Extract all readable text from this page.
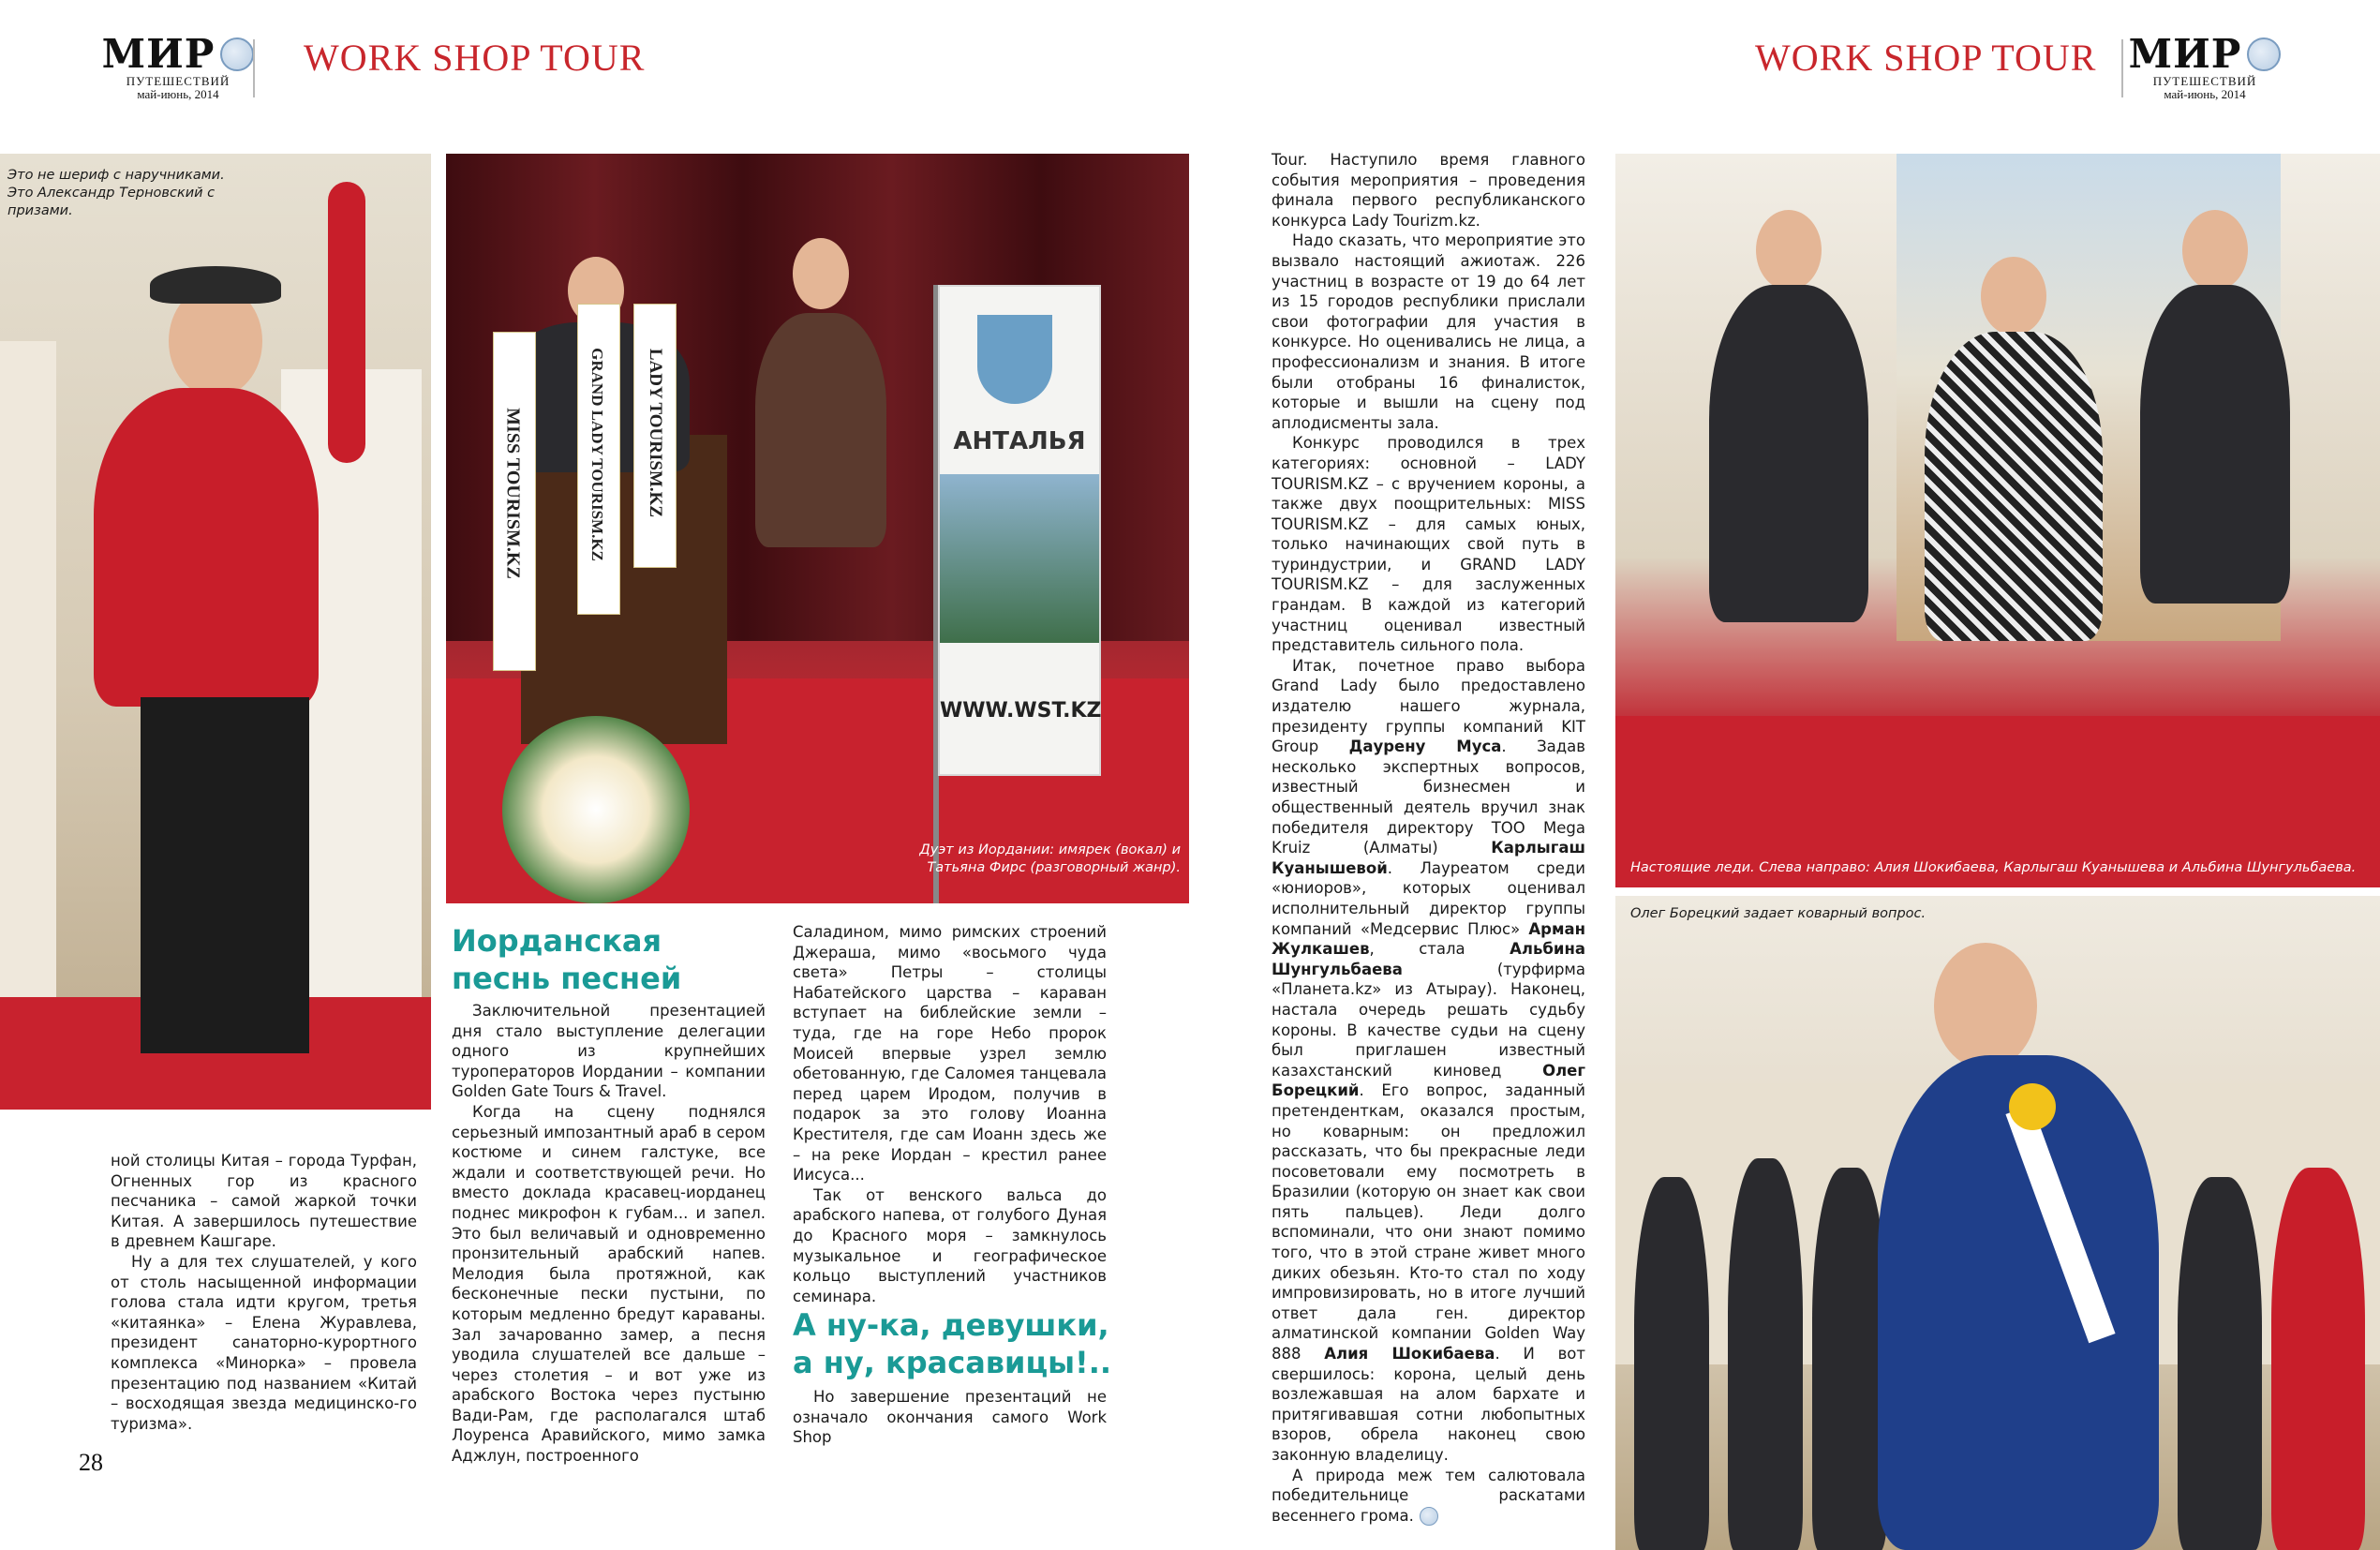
МИР
ПУТЕШЕСТВИЙ
май-июнь, 2014
WORK SHOP TOUR	WORK SHOP TOUR МИР
ПУТЕШЕСТВИЙ
май-июнь, 2014
Это не шериф с наручниками. Это Александр Терновский с призами.
АНТАЛЬЯ
WWW.WST.KZ
MISS TOURISM.KZ	GRAND LADY TOURISM.KZ LADY TOURISM.KZ
Дуэт из Иордании: имярек (вокал) и
Татьяна Фирс (разговорный жанр).	Настоящие леди. Слева направо: Алия Шокибаева, Карлыгаш Куанышева и Альбина Шунгульбаева.
Олег Борецкий задает коварный вопрос.
Иорданская
песнь песней
А ну-ка, девушки,
а ну, красавицы!..

ной столицы Китая – города Турфан, Огненных гор из красного песчаника – самой жаркой точки Китая. А завершилось путешествие в древнем Кашгаре.

Ну а для тех слушателей, у кого от столь насыщенной информации голова стала идти кругом, третья «китаянка» – Елена Журавлева, президент санаторно-курортного комплекса «Минорка» – провела презентацию под названием «Китай – восходящая звезда медицинско-го туризма».

Заключительной презентацией дня стало выступление делегации одного из крупнейших туроператоров Иордании – компании Golden Gate Tours & Travel.

Когда на сцену поднялся серьезный импозантный араб в сером костюме и синем галстуке, все ждали и соответствующей речи. Но вместо доклада красавец-иорданец поднес микрофон к губам... и запел. Это был величавый и одновременно пронзительный арабский напев. Мелодия была протяжной, как бесконечные пески пустыни, по которым медленно бредут караваны. Зал зачарованно замер, а песня уводила слушателей все дальше – через столетия – и вот уже из арабского Востока через пустыню Вади-Рам, где располагался штаб Лоуренса Аравийского, мимо замка Аджлун, построенного

Саладином, мимо римских строений Джераша, мимо «восьмого чуда света» Петры – столицы Набатейского царства – караван вступает на библейские земли – туда, где на горе Небо пророк Моисей впервые узрел землю обетованную, где Саломея танцевала перед царем Иродом, получив в подарок за это голову Иоанна Крестителя, где сам Иоанн здесь же – на реке Иордан – крестил ранее Иисуса...

Так от венского вальса до арабского напева, от голубого Дуная до Красного моря – замкнулось музыкальное и географическое кольцо выступлений участников семинара.

Но завершение презентаций не означало окончания самого Work Shop

Tour. Наступило время главного события мероприятия – проведения финала первого республиканского конкурса Lady Tourizm.kz.

Надо сказать, что мероприятие это вызвало настоящий ажиотаж. 226 участниц в возрасте от 19 до 64 лет из 15 городов республики прислали свои фотографии для участия в конкурсе. Но оценивались не лица, а профессионализм и знания. В итоге были отобраны 16 финалисток, которые и вышли на сцену под аплодисменты зала.

Конкурс проводился в трех категориях: основной – LADY TOURISM.KZ – с вручением короны, а также двух поощрительных: MISS TOURISM.KZ – для самых юных, только начинающих свой путь в туриндустрии, и GRAND LADY TOURISM.KZ – для заслуженных грандам. В каждой из категорий участниц оценивал известный представитель сильного пола.

Итак, почетное право выбора Grand Lady было предоставлено издателю нашего журнала, президенту группы компаний KIT Group Даурену Муса. Задав несколько экспертных вопросов, известный бизнесмен и общественный деятель вручил знак победителя директору ТОО Mega Kruiz (Алматы) Карлыгаш Куанышевой. Лауреатом среди «юниоров», которых оценивал исполнительный директор группы компаний «Медсервис Плюс» Арман Жулкашев, стала Альбина Шунгульбаева (турфирма «Планета.kz» из Атырау). Наконец, настала очередь решать судьбу короны. В качестве судьи на сцену был приглашен известный казахстанский киновед Олег Борецкий. Его вопрос, заданный претенденткам, оказался простым, но коварным: он предложил рассказать, что бы прекрасные леди посоветовали ему посмотреть в Бразилии (которую он знает как свои пять пальцев). Леди долго вспоминали, что они знают помимо того, что в этой стране живет много диких обезьян. Кто-то стал по ходу импровизировать, но в итоге лучший ответ дала ген. директор алматинской компании Golden Way 888 Алия Шокибаева. И вот свершилось: корона, целый день возлежавшая на алом бархате и притягивавшая сотни любопытных взоров, обрела наконец свою законную владелицу.

А природа меж тем салютовала победительнице раскатами весеннего грома.

28
